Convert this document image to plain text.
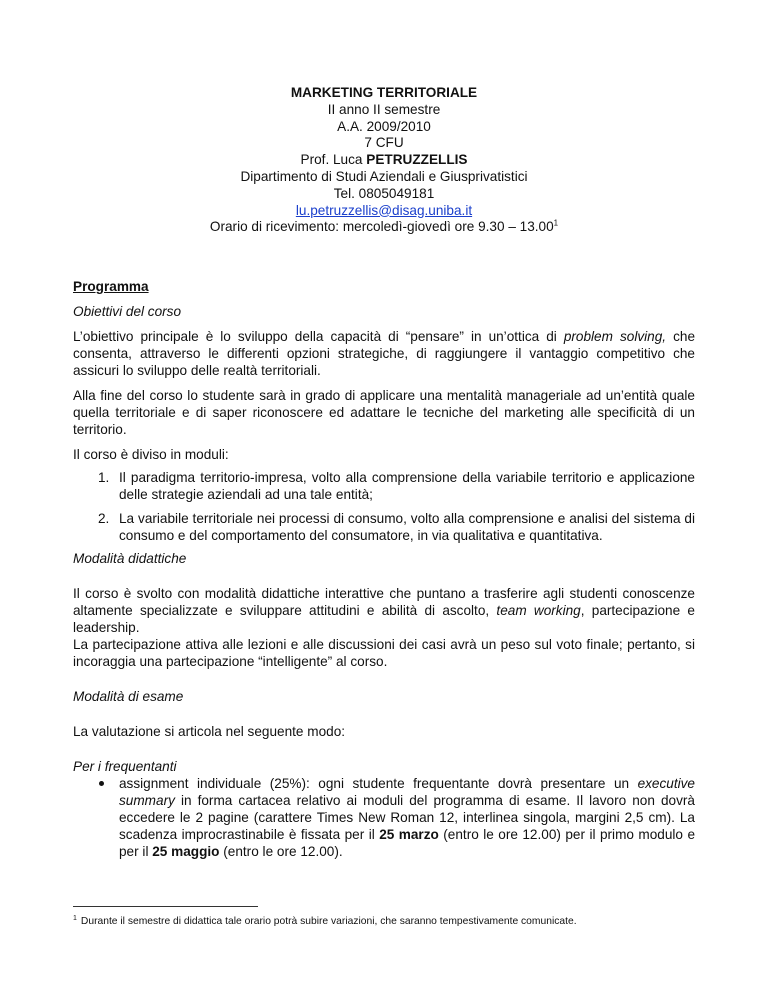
MARKETING TERRITORIALE
II anno II semestre
A.A. 2009/2010
7 CFU
Prof. Luca PETRUZZELLIS
Dipartimento di Studi Aziendali e Giusprivatistici
Tel. 0805049181
lu.petruzzellis@disag.uniba.it
Orario di ricevimento: mercoledì-giovedì ore 9.30 – 13.00$^1$
Programma
Obiettivi del corso

L’obiettivo principale è lo sviluppo della capacità di “pensare” in un’ottica di problem solving, che consenta, attraverso le differenti opzioni strategiche, di raggiungere il vantaggio competitivo che assicuri lo sviluppo delle realtà territoriali.

Alla fine del corso lo studente sarà in grado di applicare una mentalità manageriale ad un’entità quale quella territoriale e di saper riconoscere ed adattare le tecniche del marketing alle specificità di un territorio.

Il corso è diviso in moduli:

1. Il paradigma territorio-impresa, volto alla comprensione della variabile territorio e applicazione delle strategie aziendali ad una tale entità;
2. La variabile territoriale nei processi di consumo, volto alla comprensione e analisi del sistema di consumo e del comportamento del consumatore, in via qualitativa e quantitativa.
Modalità didattiche

Il corso è svolto con modalità didattiche interattive che puntano a trasferire agli studenti conoscenze altamente specializzate e sviluppare attitudini e abilità di ascolto, team working, partecipazione e leadership.

La partecipazione attiva alle lezioni e alle discussioni dei casi avrà un peso sul voto finale; pertanto, si incoraggia una partecipazione “intelligente” al corso.

Modalità di esame

La valutazione si articola nel seguente modo:

Per i frequentanti
assignment individuale (25%): ogni studente frequentante dovrà presentare un executive summary in forma cartacea relativo ai moduli del programma di esame. Il lavoro non dovrà eccedere le 2 pagine (carattere Times New Roman 12, interlinea singola, margini 2,5 cm). La scadenza improcrastinabile è fissata per il 25 marzo (entro le ore 12.00) per il primo modulo e per il 25 maggio (entro le ore 12.00).
$^1$ Durante il semestre di didattica tale orario potrà subire variazioni, che saranno tempestivamente comunicate.
